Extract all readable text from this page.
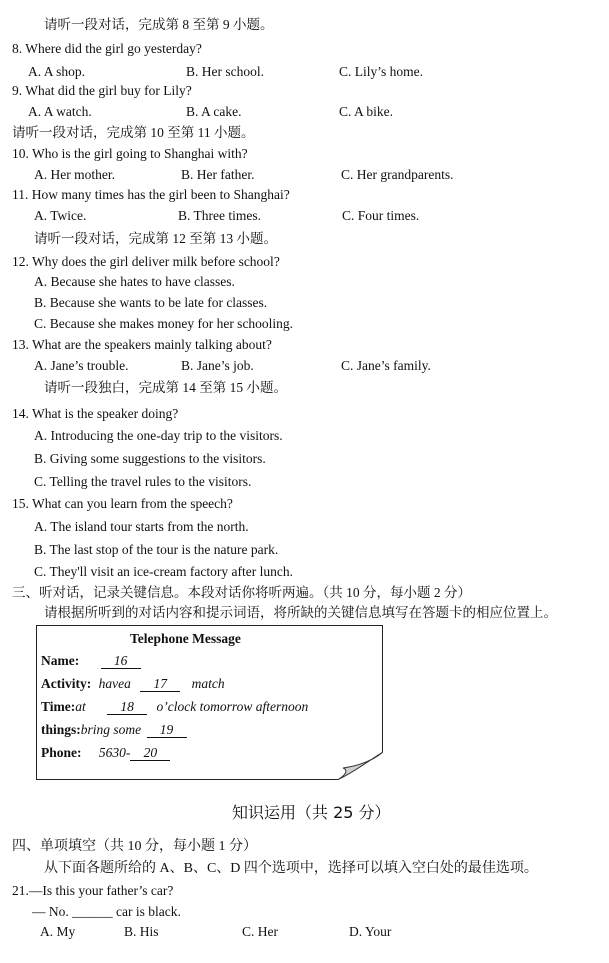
请听一段对话，完成第 8 至第 9 小题。
8. Where did the girl go yesterday?
A. A shop.	B. Her school.	C. Lily’s home.
9. What did the girl buy for Lily?
A. A watch.	B. A cake.	C. A bike.
请听一段对话，完成第 10 至第 11 小题。
10. Who is the girl going to Shanghai with?
A. Her mother.	B. Her father.	C. Her grandparents.
11. How many times has the girl been to Shanghai?
A. Twice.	B. Three times.	C. Four times.
请听一段对话，完成第 12 至第 13 小题。
12. Why does the girl deliver milk before school?
A. Because she hates to have classes.
B. Because she wants to be late for classes.
C. Because she makes money for her schooling.
13. What are the speakers mainly talking about?
A. Jane’s trouble.	B. Jane’s job.	C. Jane’s family.
请听一段独白，完成第 14 至第 15 小题。
14. What is the speaker doing?
A. Introducing the one-day trip to the visitors.
B. Giving some suggestions to the visitors.
C. Telling the travel rules to the visitors.
15. What can you learn from the speech?
A. The island tour starts from the north.
B. The last stop of the tour is the nature park.
C. They'll visit an ice-cream factory after lunch.
三、听对话，记录关键信息。本段对话你将听两遍。（共 10 分，每小题 2 分）
请根据所听到的对话内容和提示词语，将所缺的关键信息填写在答题卡的相应位置上。
Telephone Message
Name:	16
Activity: havea 17 match
Time:at	18 o’clock tomorrow afternoon
things:bring some 19
Phone: 5630- 20
知识运用（共 25 分）
四、单项填空（共 10 分，每小题 1 分）
从下面各题所给的 A、B、C、D 四个选项中，选择可以填入空白处的最佳选项。
21.—Is this your father’s car?
— No. ______ car is black.
A. My	B. His	C. Her	D. Your
